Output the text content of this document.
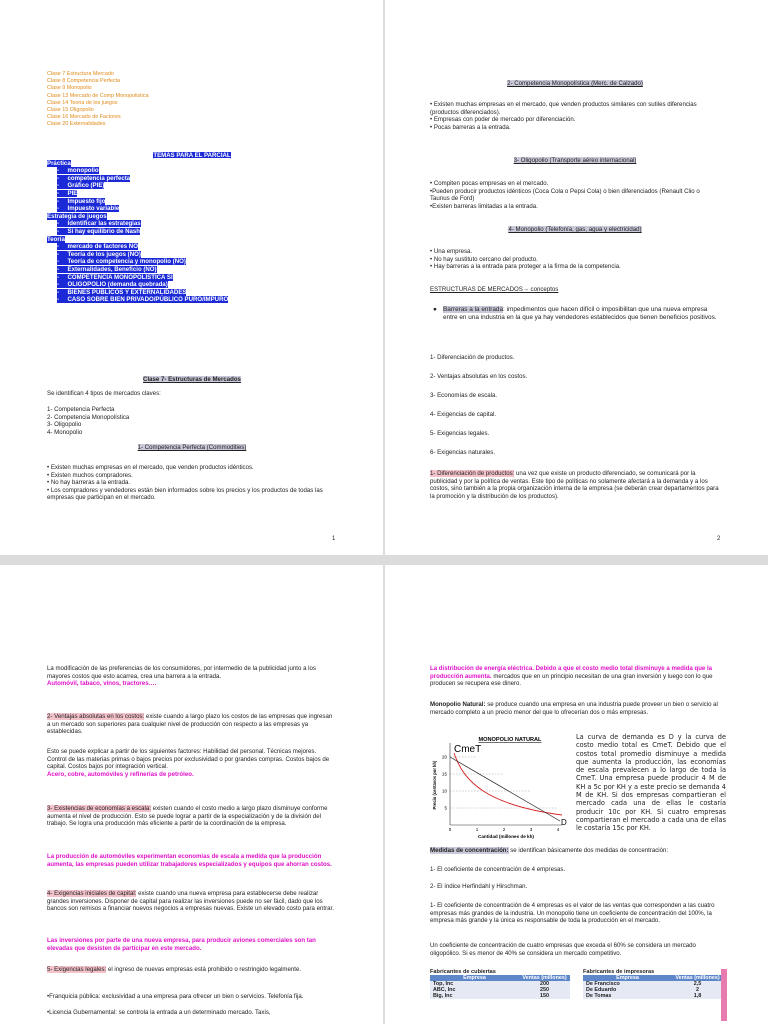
Clase 7 Estructura Mercado
Clase 8 Competencia Perfecta
Clase 9 Monopolio
Clase 13 Mercado de Comp Monopolistica
Clase 14 Teoria de los juegos
Clase 15 Oligopolio
Clase 16 Mercado de Factores
Clase 20 Externalidades
TEMAS PARA EL PARCIAL
Práctica
-     monopolio
-     competencia perfecta
-     Gráfico (PIE)
-     PIE
-     Impuesto fijo
-     Impuesto variable
Estrategia de juegos
-     Identificar las estrategias
-     Si hay equilibrio de Nash
Teoría
-     mercado de factores NO
-     Teoría de los juegos (NO)
-     Teoría de competencia y monopolio (NO)
-     Externalidades, Beneficio (NO)
-     COMPETENCIA MONOPOLÍSTICA SI
-     OLIGOPOLIO (demanda quebrada)
-     BIENES PÚBLICOS Y EXTERNALIDADES
-     CASO SOBRE BIEN PRIVADO/PÚBLICO PURO/IMPURO
Clase 7- Estructuras de Mercados
Se identifican 4 tipos de mercados claves:
1- Competencia Perfecta
2- Competencia Monopolística
3- Oligopolio
4- Monopolio
1- Competencia Perfecta (Commodities)
• Existen muchas empresas en el mercado, que venden productos idénticos.
• Existen muchos compradores.
• No hay barreras a la entrada.
• Los compradores y vendedores están bien informados sobre los precios y los productos de todas las empresas que participan en el mercado.
1
2- Competencia Monopolística (Merc. de Calzado)
• Existen muchas empresas en el mercado, que venden productos similares con sutiles diferencias (productos diferenciados).
• Empresas con poder de mercado por diferenciación.
• Pocas barreras a la entrada.
3- Oligopolio (Transporte aéreo internacional)
• Compiten pocas empresas en el mercado.
•Pueden producir productos idénticos (Coca Cola o Pepsi Cola) o bien diferenciados (Renault Clio o Taunus de Ford)
•Existen barreras limitadas a la entrada.
4- Monopolio (Telefonía, gas, agua y electricidad)
• Una empresa.
• No hay sustituto cercano del producto.
• Hay barreras a la entrada para proteger a la firma de la competencia.
ESTRUCTURAS DE MERCADOS→ conceptos
● Barreras a la entrada: impedimentos que hacen difícil o imposibilitan que una nueva empresa entre en una industria en la que ya hay vendedores establecidos que tienen beneficios positivos.
1- Diferenciación de productos.
2- Ventajas absolutas en los costos.
3- Economías de escala.
4- Exigencias de capital.
5- Exigencias legales.
6- Exigencias naturales.
1- Diferenciación de productos: una vez que existe un producto diferenciado, se comunicará por la publicidad y por la política de ventas. Este tipo de políticas no solamente afectará a la demanda y a los costos, sino también a la propia organización interna de la empresa (se deberán crear departamentos para la promoción y la distribución de los productos).
2
La modificación de las preferencias de los consumidores, por intermedio de la publicidad junto a los mayores costos que esto acarrea, crea una barrera a la entrada.
Automóvil, tabaco, vinos, tractores….
2- Ventajas absolutas en los costos: existe cuando a largo plazo los costos de las empresas que ingresan a un mercado son superiores para cualquier nivel de producción con respecto a las empresas ya establecidas.
Esto se puede explicar a partir de los siguientes factores: Habilidad del personal. Técnicas mejores. Control de las materias primas o bajos precios por exclusividad o por grandes compras. Costos bajos de capital. Costos bajos por integración vertical.
Acero, cobre, automóviles y refinerías de petróleo.
3- Existencias de economías a escala: existen cuando el costo medio a largo plazo disminuye conforme aumenta el nivel de producción. Esto se puede lograr a partir de la especialización y de la división del trabajo. Se logra una producción más eficiente a partir de la coordinación de la empresa.
La producción de automóviles experimentan economías de escala a medida que la producción aumenta, las empresas pueden utilizar trabajadores especializados y equipos que ahorran costos.
4- Exigencias iniciales de capital: existe cuando una nueva empresa para establecerse debe realizar grandes inversiones. Disponer de capital para realizar las inversiones puede no ser fácil, dado que los bancos son remisos a financiar nuevos negocios a empresas nuevas. Existe un elevado costo para entrar.
Las inversiones por parte de una nueva empresa, para producir aviones comerciales son tan elevadas que desisten de participar en este mercado.
5- Exigencias legales: el ingreso de nuevas empresas está prohibido o restringido legalmente.
•Franquicia pública: exclusividad a una empresa para ofrecer un bien o servicios. Telefonía fija.
•Licencia Gubernamental: se controla la entrada a un determinado mercado. Taxis,
La distribución de energía eléctrica. Debido a que el costo medio total disminuye a medida que la producción aumenta. mercados que en un principio necesitan de una gran inversión y luego con lo que producen se recupera ese dinero.
Monopolio Natural: se produce cuando una empresa en una industria puede proveer un bien o servicio al mercado completo a un precio menor del que lo ofrecerían dos o más empresas.
MONOPOLIO NATURAL
CmeT
D
20
15
10
5
0	1	2	3	4
Precio (centavos por kh)
Cantidad (millones de kh)
La curva de demanda es D y la curva de costo medio total es CmeT. Debido que el costos total promedio disminuye a medida que aumenta la producción, las economías de escala prevalecen a lo largo de toda la CmeT. Una empresa puede producir 4 M de KH a 5c por KH y a este precio se demanda 4 M de KH. Si dos empresas compartieran el mercado cada una de ellas le costaría producir 10c por KH. Si cuatro empresas compartieran el mercado a cada una de ellas le costaría 15c por KH.
Medidas de concentración: se identifican básicamente dos medidas de concentración:
1- El coeficiente de concentración de 4 empresas.
2- El índice Herfindahl y Hirschman.
1- El coeficiente de concentración de 4 empresas es el valor de las ventas que corresponden a las cuatro empresas más grandes de la industria. Un monopolio tiene un coeficiente de concentración del 100%, la empresa más grande y la única es responsable de toda la producción en el mercado.
Un coeficiente de concentración de cuatro empresas que exceda el 60% se considera un mercado oligopólico. Si es menor de 40% se considera un mercado competitivo.
Fabricantes de cubiertas
Empresa	Ventas (millones)
Top, Inc	200
ABC, Inc	250
Big, Inc	150
Fabricantes de impresoras
Empresa	Ventas (millones)
De Francisco	2,5
De Eduardo	2
De Tomas	1,8
